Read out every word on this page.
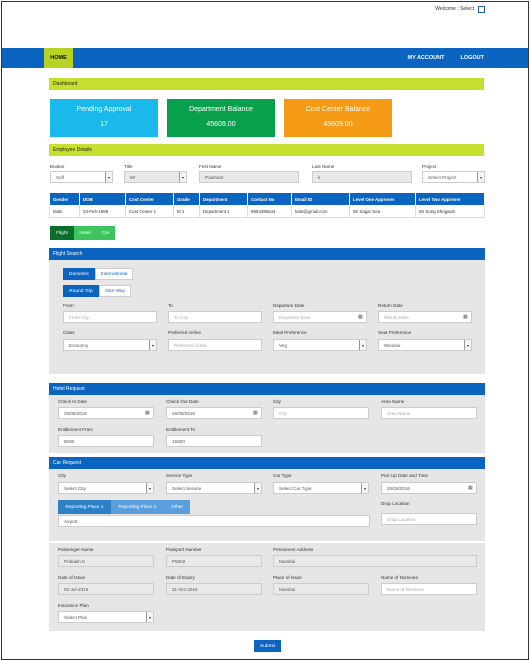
Welcome : Select
HOME	MY ACCOUNT	LOGOUT
Dashboard
Pending Approval
17
Department Balance
45609.00
Cost Center Balance
45609.00
Employee Details
Booker
Self	▾
Title
Mr	▾
First Name
Prashant
Last Name
k
Project
Select Project	▾
Gender	DOB	Cost Center	Grade	Department	Contact No	Email ID	Level One Approver	Level Two Approver
Male	03-Feb-1999	Cost Center 1	M 1	Department 1	9953495544	kale@gmail.com	Mr Sagar Sea	Mr Suraj Shrigwan
Flight	Hotel	Car
Flight Search
Domestic	International
Round Trip	One Way
From
From City
To
To City
Departure Date
Departure Date	▦
Return Date
Return Date	▦
Class
Economy	▾
Preferred Airline
Preferred Airline
Meal Preference
Veg	▾
Seat Preference
Window	▾
Hotel Request
Check In Date
26/08/2016	▦
Check Out Date
26/08/2016	▦
City
City
Area Name
Area Name
Entitlement From
8000
Entitlement To
15000
Car Request
City
Select City	▾
Service Type
Select Service	▾
Car Type
Select Car Type	▾
Pick Up Date and Time
26/08/2016	▦
Reporting Place 1	Reporting Place 2	Other
Airport
Drop Location
Drop Location
Passenger Name
Prakash K
Passport Number
P5002
Permanent Address
Mumbai
Date of Issue
02-Jul-2015
Date of Expiry
31-Oct-2018
Place of Issue
Mumbai
Name of Nominee
Name of Nominee
Insurance Plan
Select Plan	▾
Submit
